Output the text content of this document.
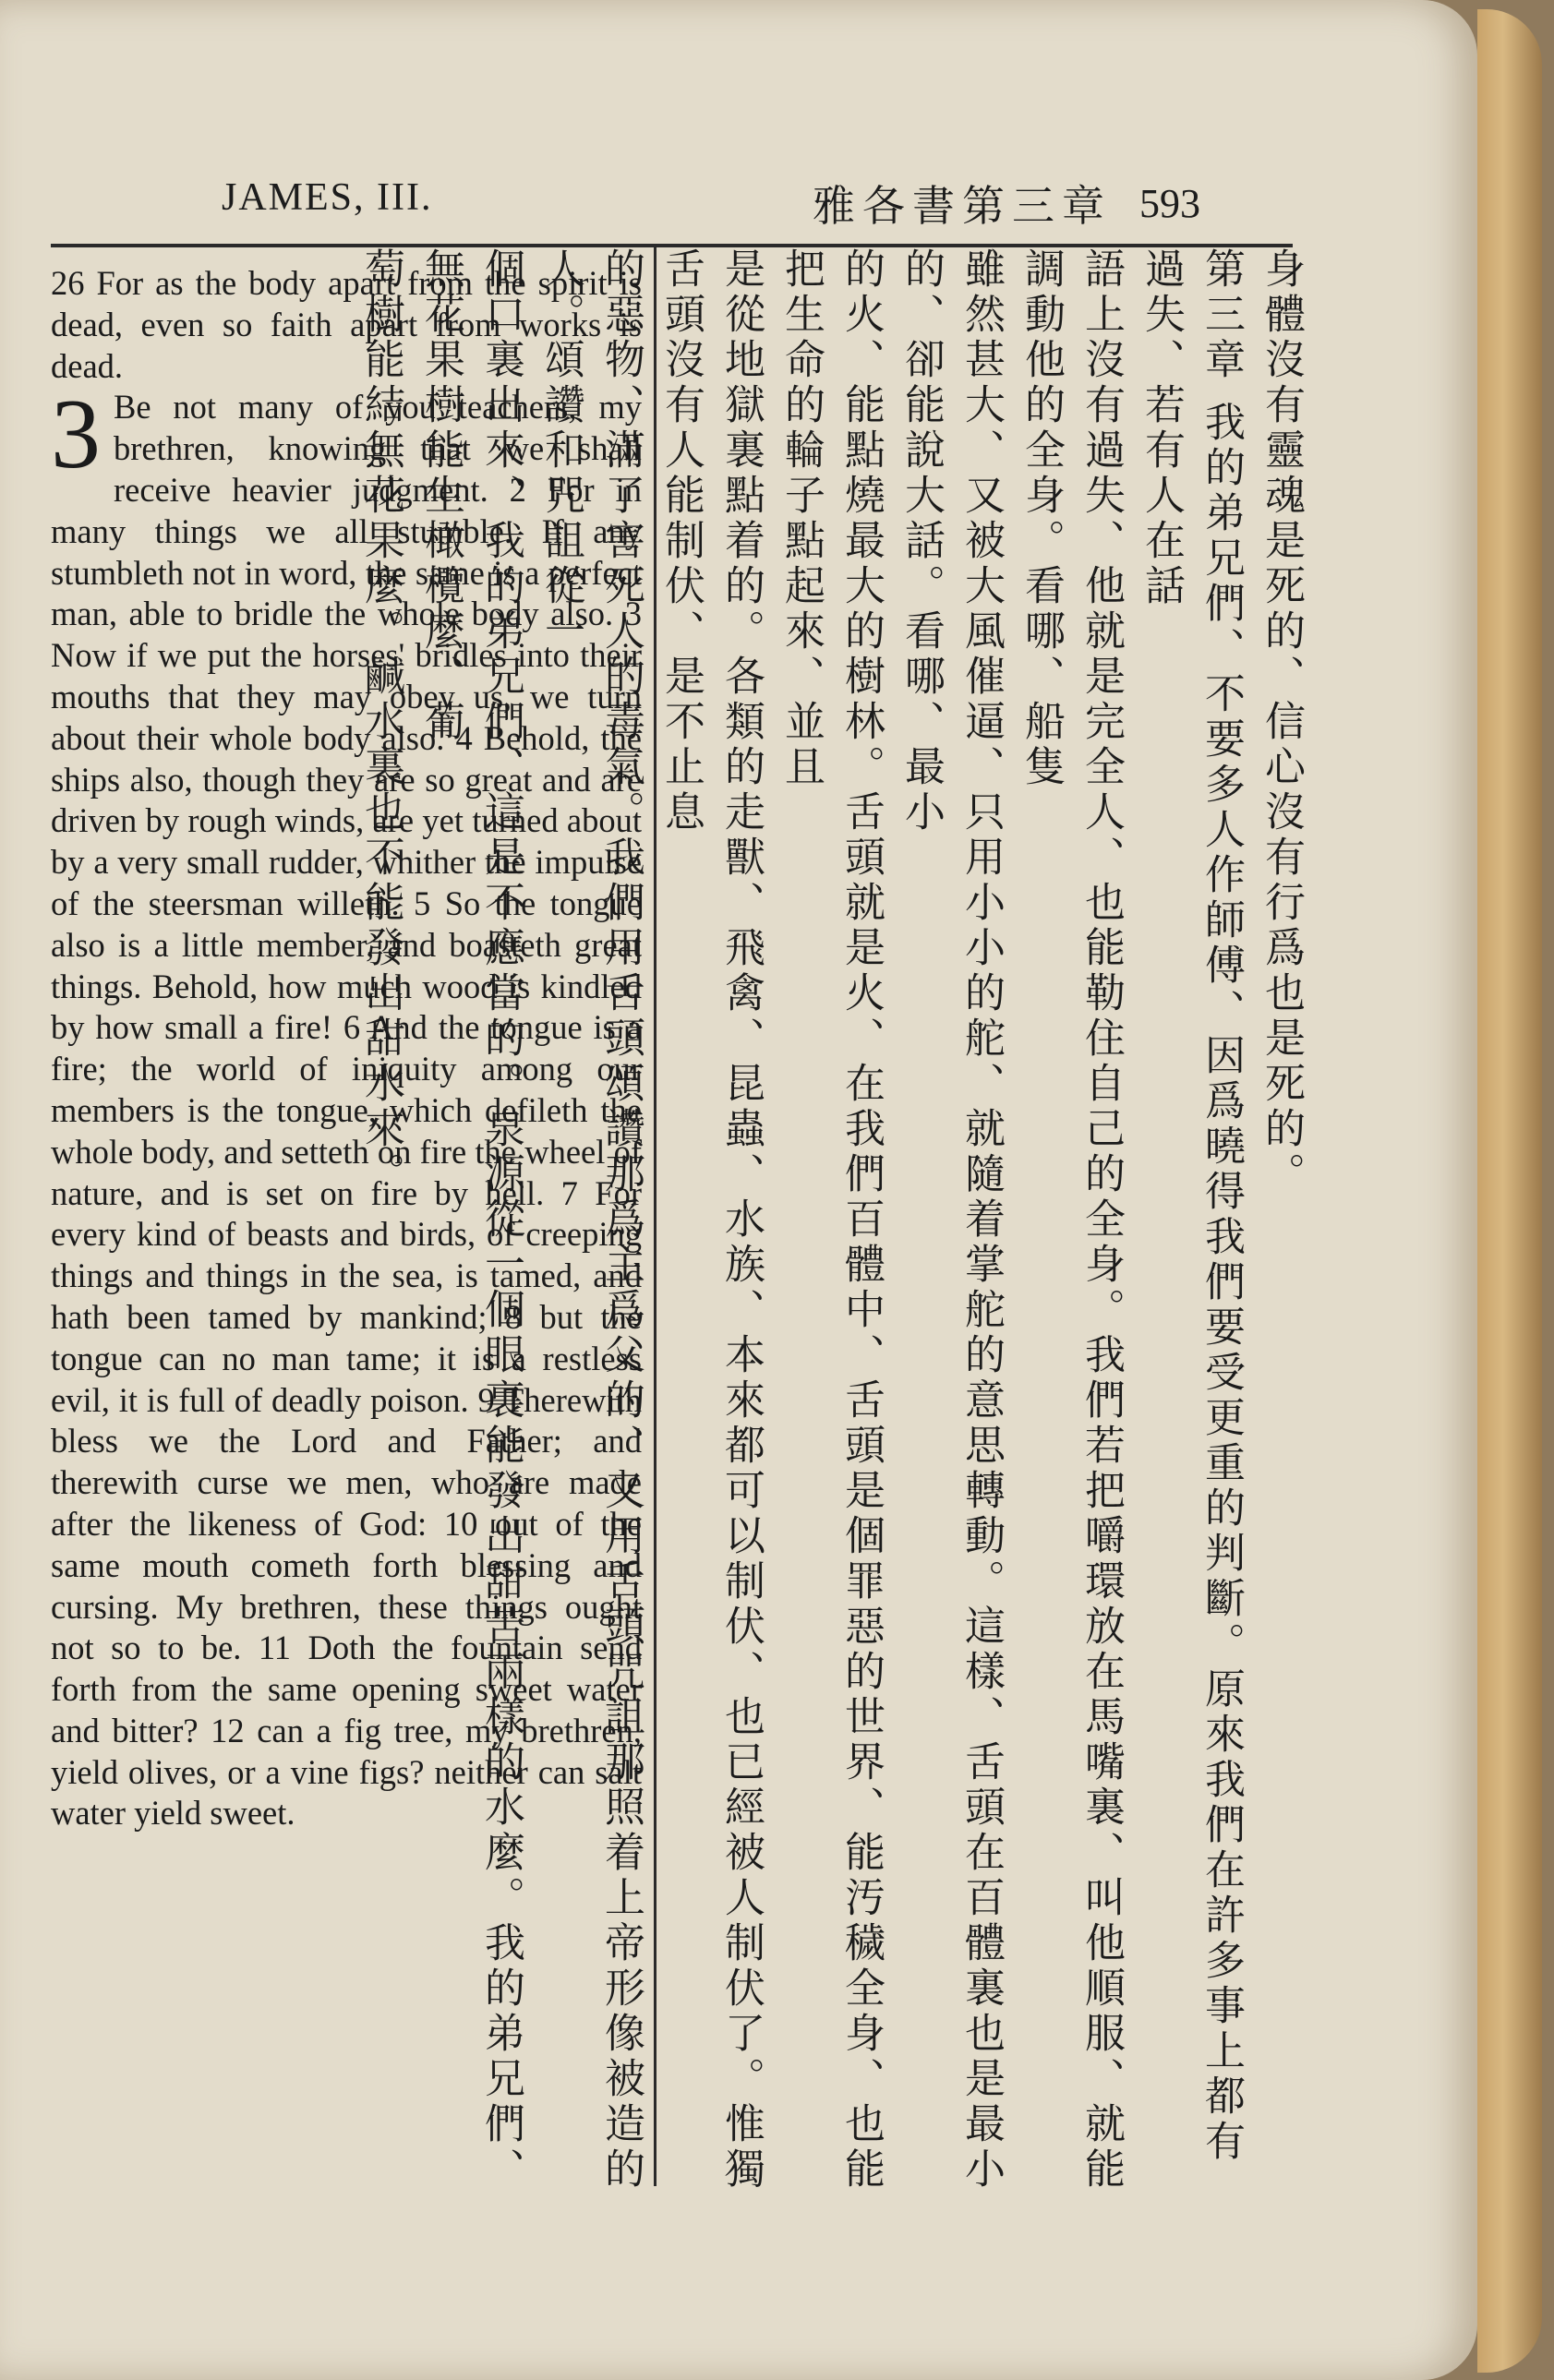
JAMES, III.	雅各書第三章 593

26 For as the body apart from the spirit is dead, even so faith apart from works is dead.

3 Be not many of you teachers, my brethren, knowing that we shall receive heavier judgment. 2 For in many things we all stumble. If any stumbleth not in word, the same is a perfect man, able to bridle the whole body also. 3 Now if we put the horses' bridles into their mouths that they may obey us, we turn about their whole body also. 4 Behold, the ships also, though they are so great and are driven by rough winds, are yet turned about by a very small rudder, whither the impulse of the steersman willeth. 5 So the tongue also is a little member, and boasteth great things. Behold, how much wood is kindled by how small a fire! 6 And the tongue is a fire; the world of iniquity among our members is the tongue, which defileth the whole body, and setteth on fire the wheel of nature, and is set on fire by hell. 7 For every kind of beasts and birds, of creeping things and things in the sea, is tamed, and hath been tamed by mankind; 8 but the tongue can no man tame; it is a restless evil, it is full of deadly poison. 9 Therewith bless we the Lord and Father; and therewith curse we men, who are made after the likeness of God: 10 out of the same mouth cometh forth blessing and cursing. My brethren, these things ought not so to be. 11 Doth the fountain send forth from the same opening sweet water and bitter? 12 can a fig tree, my brethren, yield olives, or a vine figs? neither can salt water yield sweet.

身體沒有靈魂是死的、信心沒有行爲也是死的。
第三章 我的弟兄們、不要多人作師傅、因爲曉得我們要受更重的判斷。原來我們在許多事上都有過失、若有人在話
語上沒有過失、他就是完全人、也能勒住自己的全身。我們若把嚼環放在馬嘴裏、叫他順服、就能調動他的全身。看哪、船隻
雖然甚大、又被大風催逼、只用小小的舵、就隨着掌舵的意思轉動。這樣、舌頭在百體裏也是最小的、卻能說大話。看哪、最小
的火、能點燒最大的樹林。舌頭就是火、在我們百體中、舌頭是個罪惡的世界、能汚穢全身、也能把生命的輪子點起來、並且
是從地獄裏點着的。各類的走獸、飛禽、昆蟲、水族、本來都可以制伏、也已經被人制伏了。惟獨舌頭沒有人能制伏、是不止息
的惡物、滿了害死人的毒氣。我們用舌頭頌讚那爲主爲父的、又用舌頭咒詛那照着上帝形像被造的人。頌讚和咒詛從一
個口裏出來、我的弟兄們、這是不應當的。泉源從一個眼裏能發出甜苦兩樣的水麼。我的弟兄們、無花果樹能生橄欖麼、葡
萄樹能結無花果麼。鹹水裏也不能發出甜水來。
